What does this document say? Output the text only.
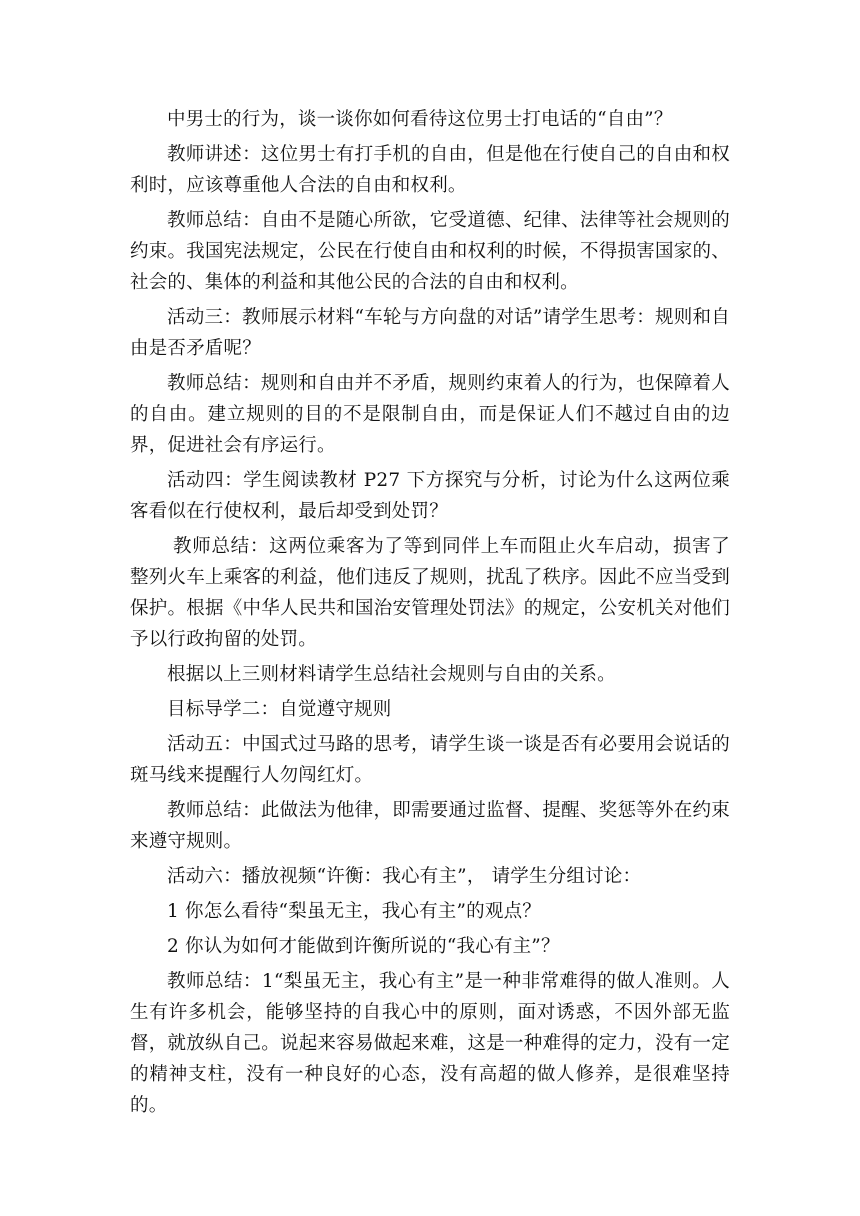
中男士的行为，谈一谈你如何看待这位男士打电话的“自由”？

教师讲述：这位男士有打手机的自由，但是他在行使自己的自由和权利时，应该尊重他人合法的自由和权利。

教师总结：自由不是随心所欲，它受道德、纪律、法律等社会规则的约束。我国宪法规定，公民在行使自由和权利的时候，不得损害国家的、社会的、集体的利益和其他公民的合法的自由和权利。

活动三：教师展示材料“车轮与方向盘的对话”请学生思考：规则和自由是否矛盾呢？

教师总结：规则和自由并不矛盾，规则约束着人的行为，也保障着人的自由。建立规则的目的不是限制自由，而是保证人们不越过自由的边界，促进社会有序运行。

活动四：学生阅读教材 P27 下方探究与分析，讨论为什么这两位乘客看似在行使权利，最后却受到处罚？

教师总结：这两位乘客为了等到同伴上车而阻止火车启动，损害了整列火车上乘客的利益，他们违反了规则，扰乱了秩序。因此不应当受到保护。根据《中华人民共和国治安管理处罚法》的规定，公安机关对他们予以行政拘留的处罚。

根据以上三则材料请学生总结社会规则与自由的关系。

目标导学二：自觉遵守规则

活动五：中国式过马路的思考，请学生谈一谈是否有必要用会说话的斑马线来提醒行人勿闯红灯。

教师总结：此做法为他律，即需要通过监督、提醒、奖惩等外在约束来遵守规则。

活动六：播放视频“许衡：我心有主”， 请学生分组讨论：

1 你怎么看待“梨虽无主，我心有主”的观点？

2 你认为如何才能做到许衡所说的“我心有主”？

教师总结：1“梨虽无主，我心有主”是一种非常难得的做人准则。人生有许多机会，能够坚持的自我心中的原则，面对诱惑，不因外部无监督，就放纵自己。说起来容易做起来难，这是一种难得的定力，没有一定的精神支柱，没有一种良好的心态，没有高超的做人修养，是很难坚持的。
